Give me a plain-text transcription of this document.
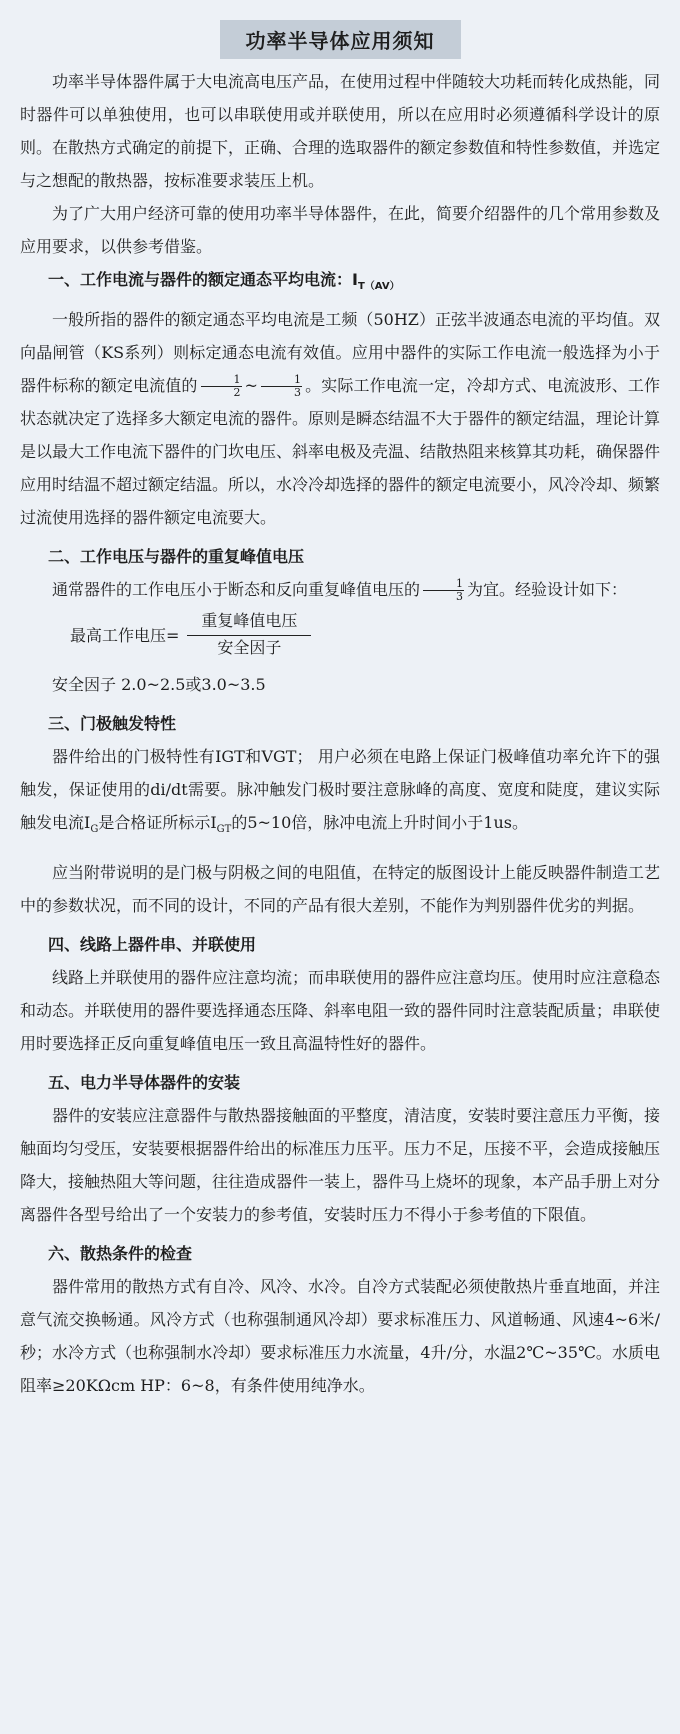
功率半导体应用须知

功率半导体器件属于大电流高电压产品，在使用过程中伴随较大功耗而转化成热能，同时器件可以单独使用，也可以串联使用或并联使用，所以在应用时必须遵循科学设计的原则。在散热方式确定的前提下，正确、合理的选取器件的额定参数值和特性参数值，并选定与之想配的散热器，按标准要求装压上机。

为了广大用户经济可靠的使用功率半导体器件，在此，简要介绍器件的几个常用参数及应用要求，以供参考借鉴。

一、工作电流与器件的额定通态平均电流：$I_{T(AV)}$

一般所指的器件的额定通态平均电流是工频（50HZ）正弦半波通态电流的平均值。双向晶闸管（KS系列）则标定通态电流有效值。应用中器件的实际工作电流一般选择为小于器件标称的额定电流值的 $\frac{1}{2}$ ~ $\frac{1}{3}$ 。实际工作电流一定，冷却方式、电流波形、工作状态就决定了选择多大额定电流的器件。原则是瞬态结温不大于器件的额定结温，理论计算是以最大工作电流下器件的门坎电压、斜率电极及壳温、结散热阻来核算其功耗，确保器件应用时结温不超过额定结温。所以，水冷冷却选择的器件的额定电流要小，风冷冷却、频繁过流使用选择的器件额定电流要大。

二、工作电压与器件的重复峰值电压

通常器件的工作电压小于断态和反向重复峰值电压的 $\frac{1}{3}$ 为宜。经验设计如下：

最高工作电压= $\frac{\text{重复峰值电压}}{\text{安全因子}}$

安全因子 2.0~2.5或3.0~3.5

三、门极触发特性

器件给出的门极特性有IGT和VGT； 用户必须在电路上保证门极峰值功率允许下的强触发，保证使用的di/dt需要。脉冲触发门极时要注意脉峰的高度、宽度和陡度，建议实际触发电流$I_G$是合格证所标示$I_{GT}$的5~10倍，脉冲电流上升时间小于1us。

应当附带说明的是门极与阴极之间的电阻值，在特定的版图设计上能反映器件制造工艺中的参数状况，而不同的设计，不同的产品有很大差别，不能作为判别器件优劣的判据。

四、线路上器件串、并联使用

线路上并联使用的器件应注意均流；而串联使用的器件应注意均压。使用时应注意稳态和动态。并联使用的器件要选择通态压降、斜率电阻一致的器件同时注意装配质量；串联使用时要选择正反向重复峰值电压一致且高温特性好的器件。

五、电力半导体器件的安装

器件的安装应注意器件与散热器接触面的平整度，清洁度，安装时要注意压力平衡，接触面均匀受压，安装要根据器件给出的标准压力压平。压力不足，压接不平，会造成接触压降大，接触热阻大等问题，往往造成器件一装上，器件马上烧坏的现象，本产品手册上对分离器件各型号给出了一个安装力的参考值，安装时压力不得小于参考值的下限值。

六、散热条件的检查

器件常用的散热方式有自冷、风冷、水冷。自冷方式装配必须使散热片垂直地面，并注意气流交换畅通。风冷方式（也称强制通风冷却）要求标准压力、风道畅通、风速4~6米/秒；水冷方式（也称强制水冷却）要求标准压力水流量，4升/分，水温2℃~35℃。水质电阻率≥20KΩcm HP：6~8，有条件使用纯净水。
